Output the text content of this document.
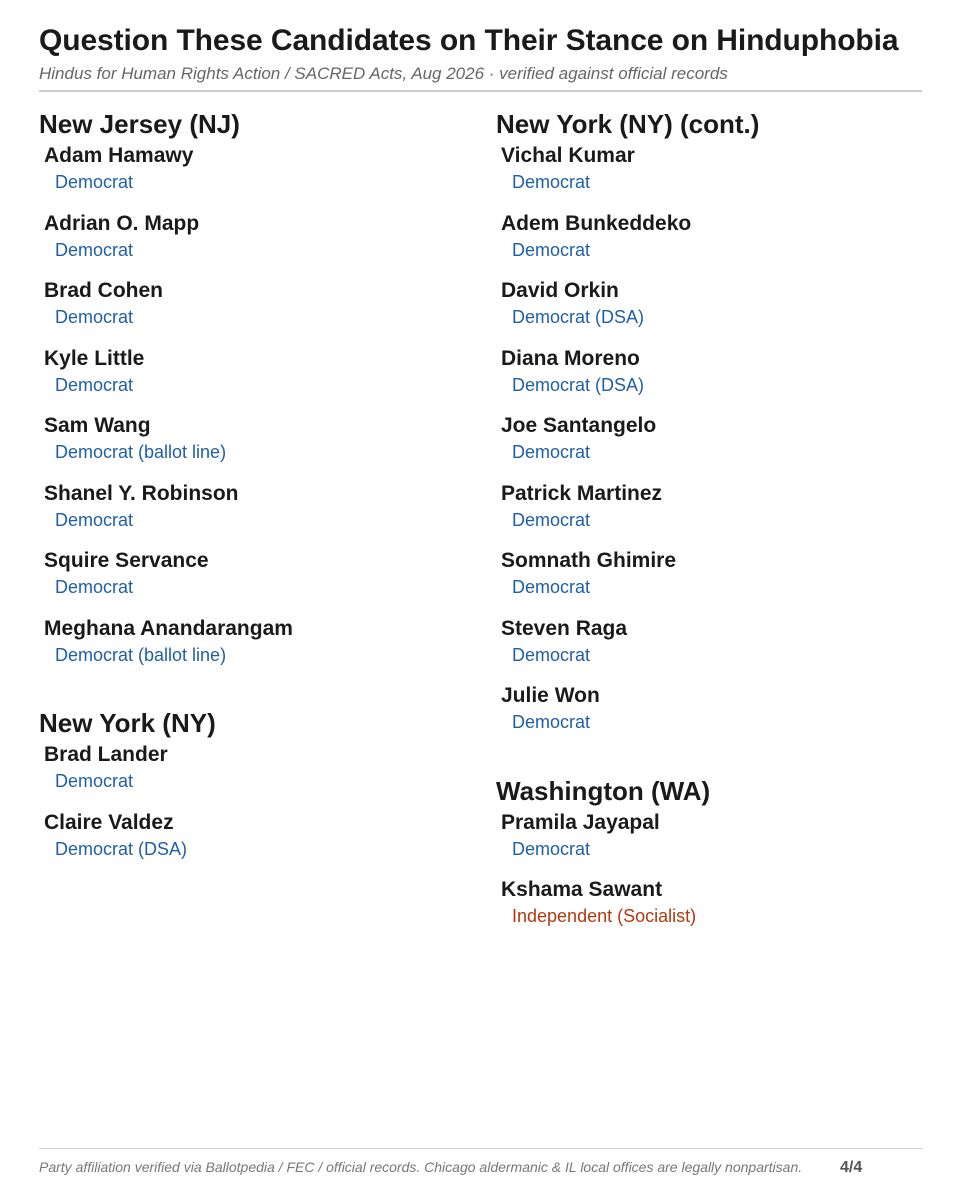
Question These Candidates on Their Stance on Hinduphobia
Hindus for Human Rights Action / SACRED Acts, Aug 2026 · verified against official records
New Jersey (NJ)
Adam Hamawy
Democrat
Adrian O. Mapp
Democrat
Brad Cohen
Democrat
Kyle Little
Democrat
Sam Wang
Democrat (ballot line)
Shanel Y. Robinson
Democrat
Squire Servance
Democrat
Meghana Anandarangam
Democrat (ballot line)
New York (NY)
Brad Lander
Democrat
Claire Valdez
Democrat (DSA)
New York (NY) (cont.)
Vichal Kumar
Democrat
Adem Bunkeddeko
Democrat
David Orkin
Democrat (DSA)
Diana Moreno
Democrat (DSA)
Joe Santangelo
Democrat
Patrick Martinez
Democrat
Somnath Ghimire
Democrat
Steven Raga
Democrat
Julie Won
Democrat
Washington (WA)
Pramila Jayapal
Democrat
Kshama Sawant
Independent (Socialist)
Party affiliation verified via Ballotpedia / FEC / official records. Chicago aldermanic & IL local offices are legally nonpartisan. 4/4
